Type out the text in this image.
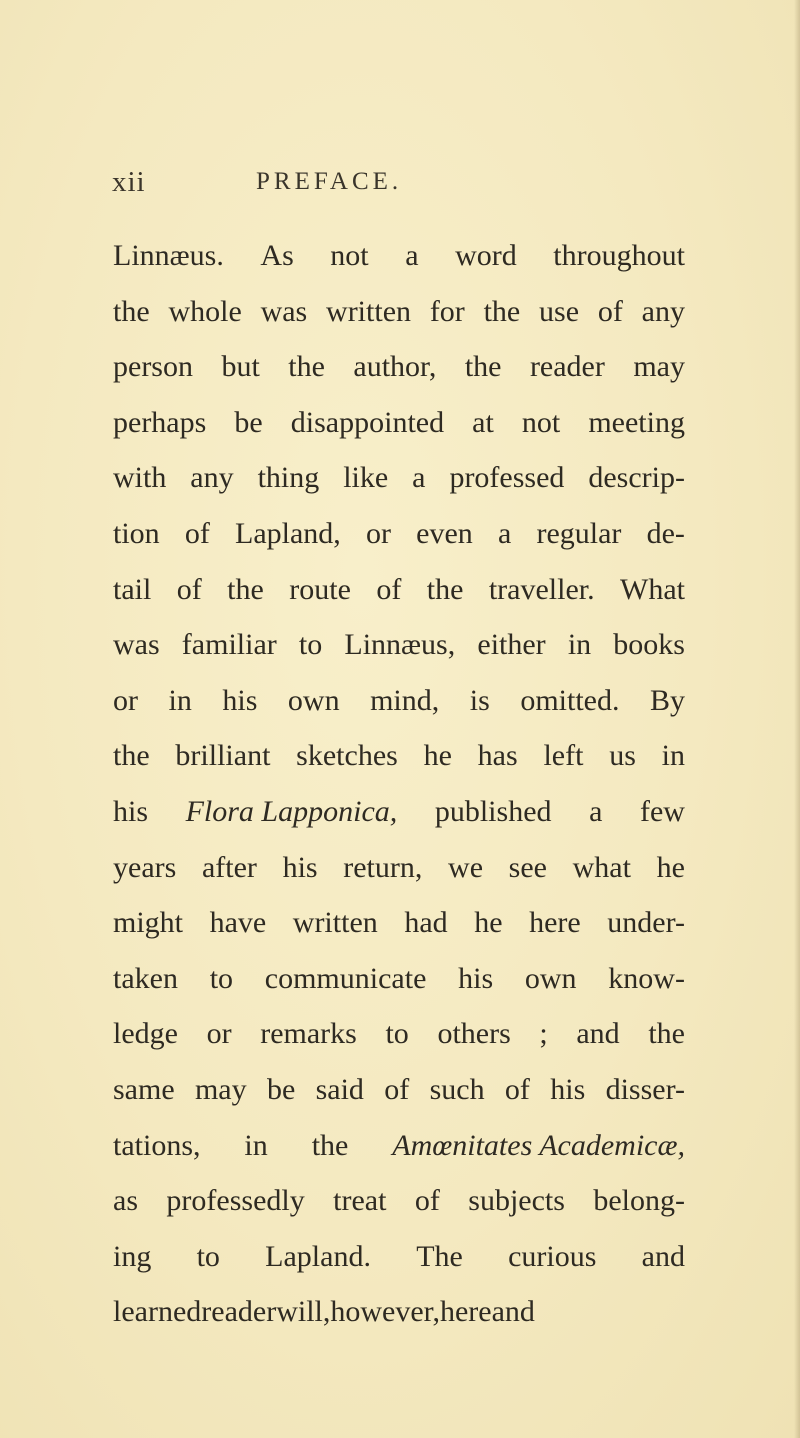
xii	PREFACE.
Linnæus. As not a word throughout
the whole was written for the use of any
person but the author, the reader may
perhaps be disappointed at not meeting
with any thing like a professed descrip-
tion of Lapland, or even a regular de-
tail of the route of the traveller. What
was familiar to Linnæus, either in books
or in his own mind, is omitted. By
the brilliant sketches he has left us in
his Flora Lapponica, published a few
years after his return, we see what he
might have written had he here under-
taken to communicate his own know-
ledge or remarks to others ; and the
same may be said of such of his disser-
tations, in the Amœnitates Academicæ,
as professedly treat of subjects belong-
ing to Lapland. The curious and
learned reader will, however, here and
